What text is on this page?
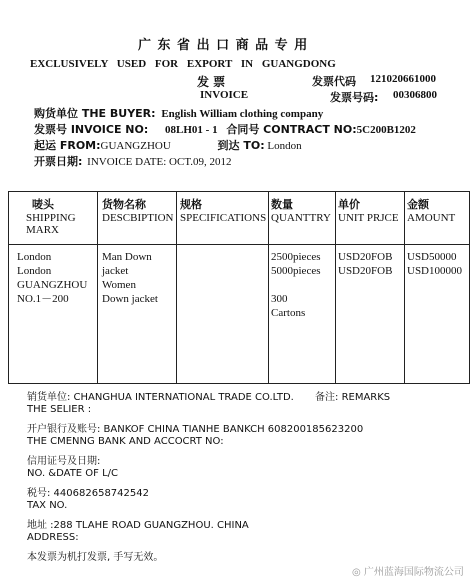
广 东 省 出 口 商 品 专 用
EXCLUSIVELY USED FOR EXPORT IN GUANGDONG
发 票
INVOICE
发票代码 121020661000
发票号码: 00306800
购货单位 THE BUYER: English William clothing company
发票号 INVOICE NO: 08LH01 - 1 合同号 CONTRACT NO:5C200B1202
起运 FROM:GUANGZHOU	到达 TO: London
开票日期: INVOICE DATE: OCT.09, 2012
唛头
SHIPPING
MARX
货物名称
DESCBIPTION
规格
SPECIFICATIONS
数量
QUANTTRY
单价
UNIT PRJCE
金额
AMOUNT
London
London
GUANGZHOU
NO.1－200
Man Down
jacket
Women
Down jacket
2500pieces
5000pieces
300
Cartons
USD20FOB
USD20FOB
USD50000
USD100000
销货单位: CHANGHUA INTERNATIONAL TRADE CO.LTD. 备注: REMARKS
THE SELIER :
开户银行及账号: BANKOF CHINA TIANHE BANKCH 608200185623200
THE CMENNG BANK AND ACCOCRT NO:
信用证号及日期:
NO. &DATE OF L/C
税号: 440682658742542
TAX NO.
地址 :288 TLAHE ROAD GUANGZHOU. CHINA
ADDRESS:
本发票为机打发票, 手写无效。
◎ 广州蓝海国际物流公司
